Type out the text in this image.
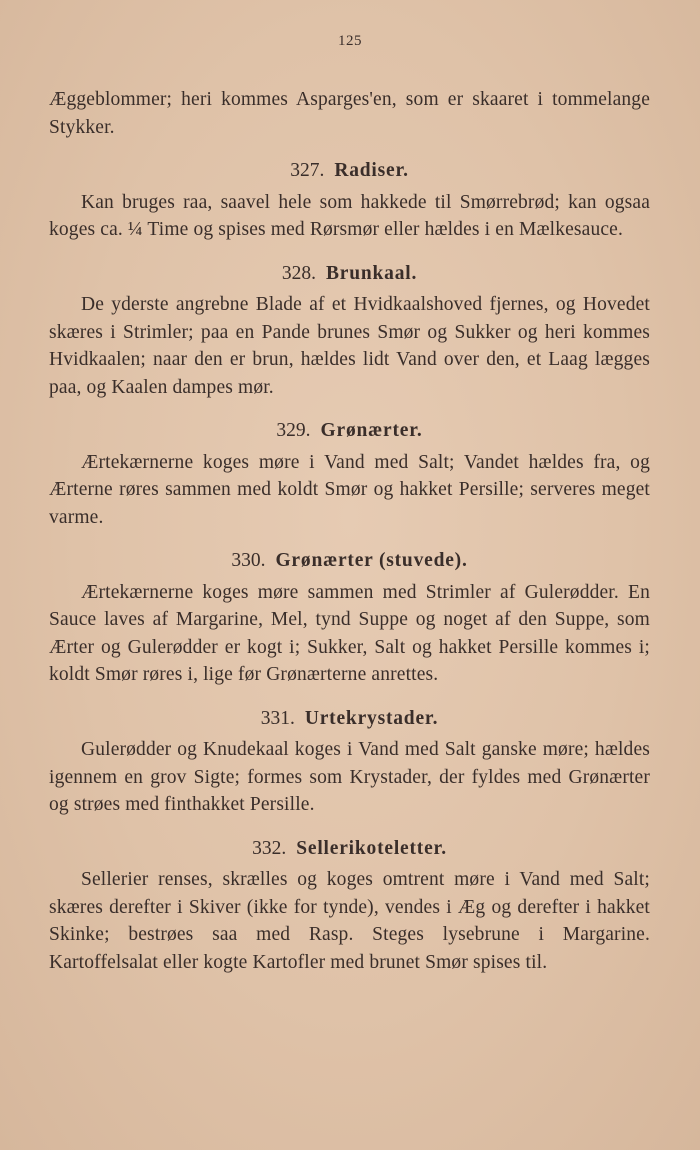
125

Æggeblommer; heri kommes Asparges'en, som er skaaret i tommelange Stykker.

327. Radiser.

Kan bruges raa, saavel hele som hakkede til Smørrebrød; kan ogsaa koges ca. ¼ Time og spises med Rørsmør eller hældes i en Mælkesauce.

328. Brunkaal.

De yderste angrebne Blade af et Hvidkaalshoved fjernes, og Hovedet skæres i Strimler; paa en Pande brunes Smør og Sukker og heri kommes Hvidkaalen; naar den er brun, hældes lidt Vand over den, et Laag lægges paa, og Kaalen dampes mør.

329. Grønærter.

Ærtekærnerne koges møre i Vand med Salt; Vandet hældes fra, og Ærterne røres sammen med koldt Smør og hakket Persille; serveres meget varme.

330. Grønærter (stuvede).

Ærtekærnerne koges møre sammen med Strimler af Gulerødder. En Sauce laves af Margarine, Mel, tynd Suppe og noget af den Suppe, som Ærter og Gulerødder er kogt i; Sukker, Salt og hakket Persille kommes i; koldt Smør røres i, lige før Grønærterne anrettes.

331. Urtekrystader.

Gulerødder og Knudekaal koges i Vand med Salt ganske møre; hældes igennem en grov Sigte; formes som Krystader, der fyldes med Grønærter og strøes med finthakket Persille.

332. Sellerikoteletter.

Sellerier renses, skrælles og koges omtrent møre i Vand med Salt; skæres derefter i Skiver (ikke for tynde), vendes i Æg og derefter i hakket Skinke; bestrøes saa med Rasp. Steges lysebrune i Margarine. Kartoffelsalat eller kogte Kartofler med brunet Smør spises til.
